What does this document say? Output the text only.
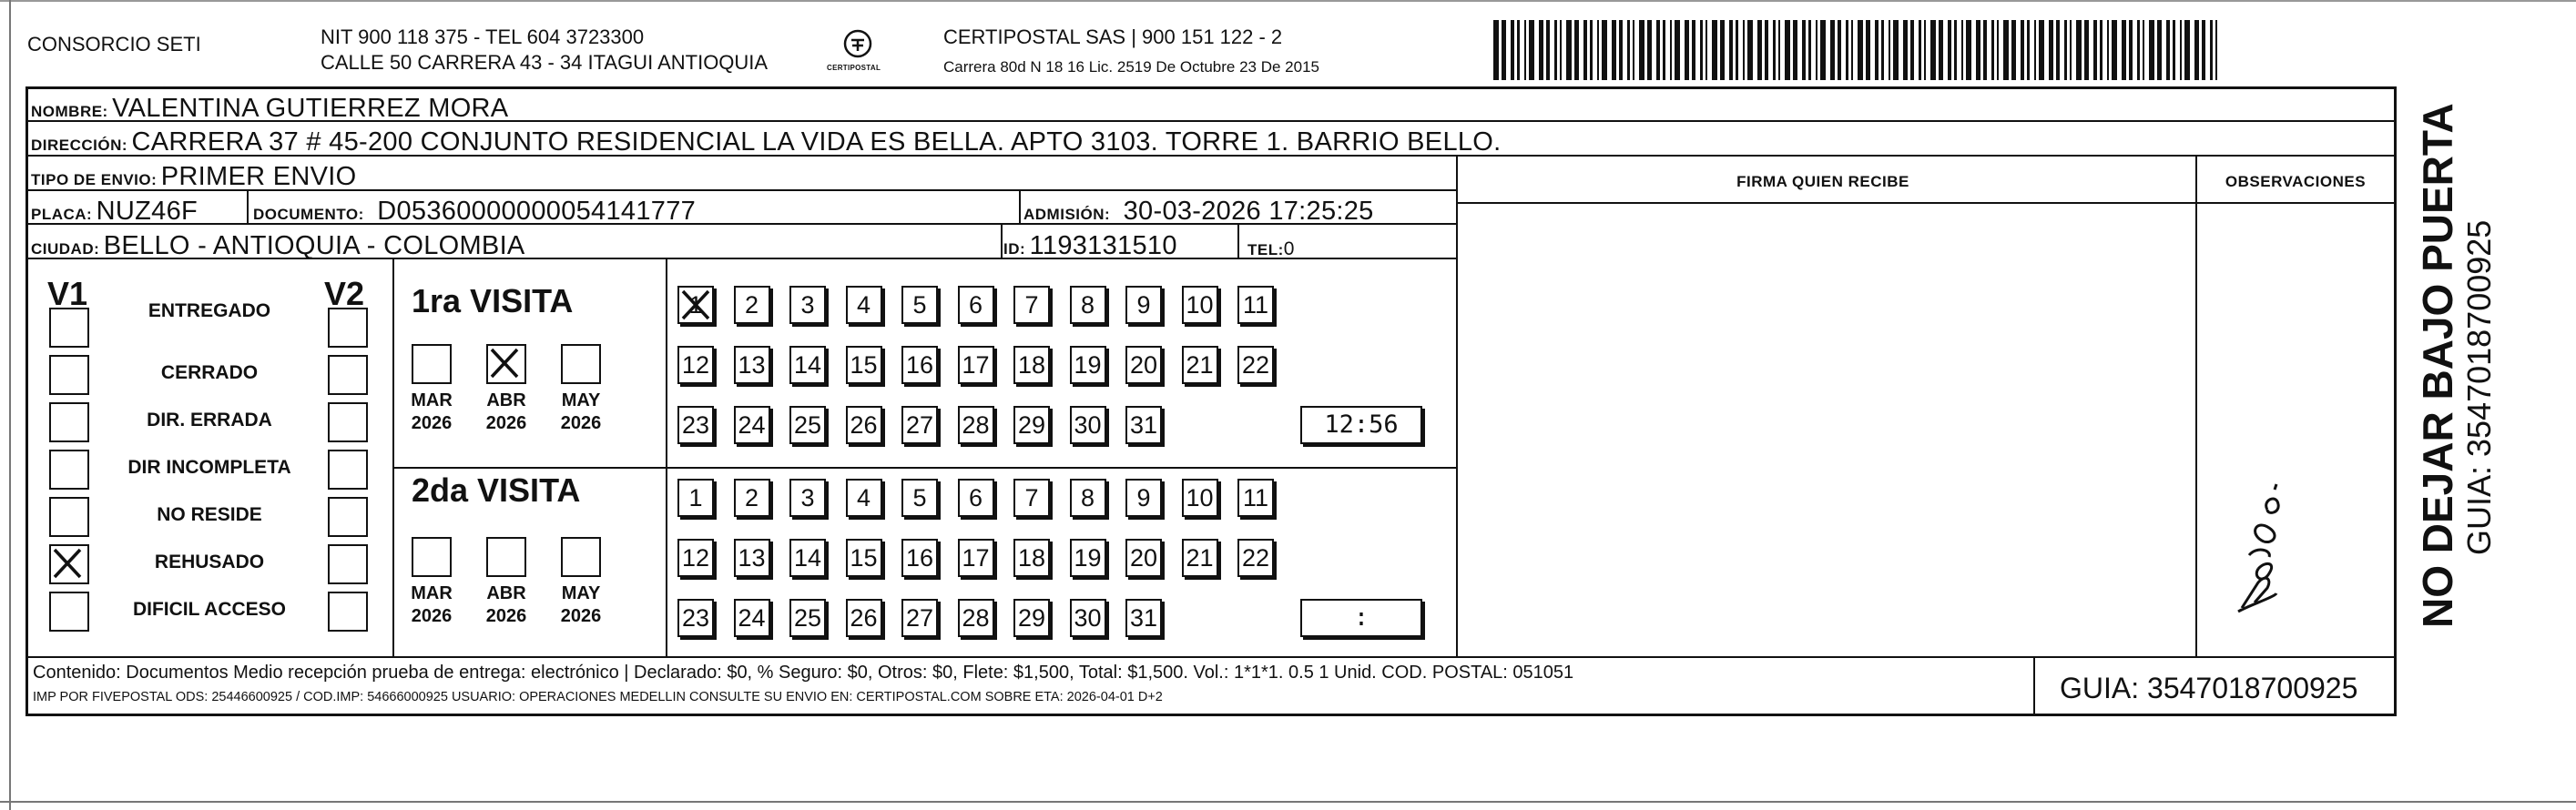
CONSORCIO SETI	NIT 900 118 375 - TEL 604 3723300
CALLE 50 CARRERA 43 - 34 ITAGUI ANTIOQUIA	CERTIPOSTAL
CERTIPOSTAL SAS | 900 151 122 - 2
Carrera 80d N 18 16 Lic. 2519 De Octubre 23 De 2015
NOMBRE: VALENTINA GUTIERREZ MORA
DIRECCIÓN: CARRERA 37 # 45-200 CONJUNTO RESIDENCIAL LA VIDA ES BELLA. APTO 3103. TORRE 1. BARRIO BELLO.
TIPO DE ENVIO: PRIMER ENVIO
PLACA: NUZ46F	DOCUMENTO: D05360000000054141777	ADMISIÓN: 30-03-2026 17:25:25
CIUDAD: BELLO - ANTIOQUIA - COLOMBIA	ID: 1193131510	TEL:0
FIRMA QUIEN RECIBE	OBSERVACIONES
V1	V2
ENTREGADO
CERRADO
DIR. ERRADA
DIR INCOMPLETA
NO RESIDE
REHUSADO
DIFICIL ACCESO
1ra VISITA
2da VISITA
MAR
2026
ABR
2026
MAY
2026
MAR
2026
ABR
2026
MAY
2026
1	2	3	4	5	6	7	8	9	10 11
12 13 14 15 16 17 18 19 20 21 22
23 24 25 26 27 28 29 30 31	12:56
1	2	3	4	5	6	7	8	9	10 11
12 13 14 15 16 17 18 19 20 21 22
23 24 25 26 27 28 29 30 31	:
Contenido: Documentos Medio recepción prueba de entrega: electrónico | Declarado: $0, % Seguro: $0, Otros: $0, Flete: $1,500, Total: $1,500. Vol.: 1*1*1. 0.5 1 Unid. COD. POSTAL: 051051
IMP POR FIVEPOSTAL ODS: 25446600925 / COD.IMP: 54666000925 USUARIO: OPERACIONES MEDELLIN CONSULTE SU ENVIO EN: CERTIPOSTAL.COM SOBRE ETA: 2026-04-01 D+2	GUIA: 3547018700925
NO DEJAR BAJO PUERTA GUIA: 3547018700925
